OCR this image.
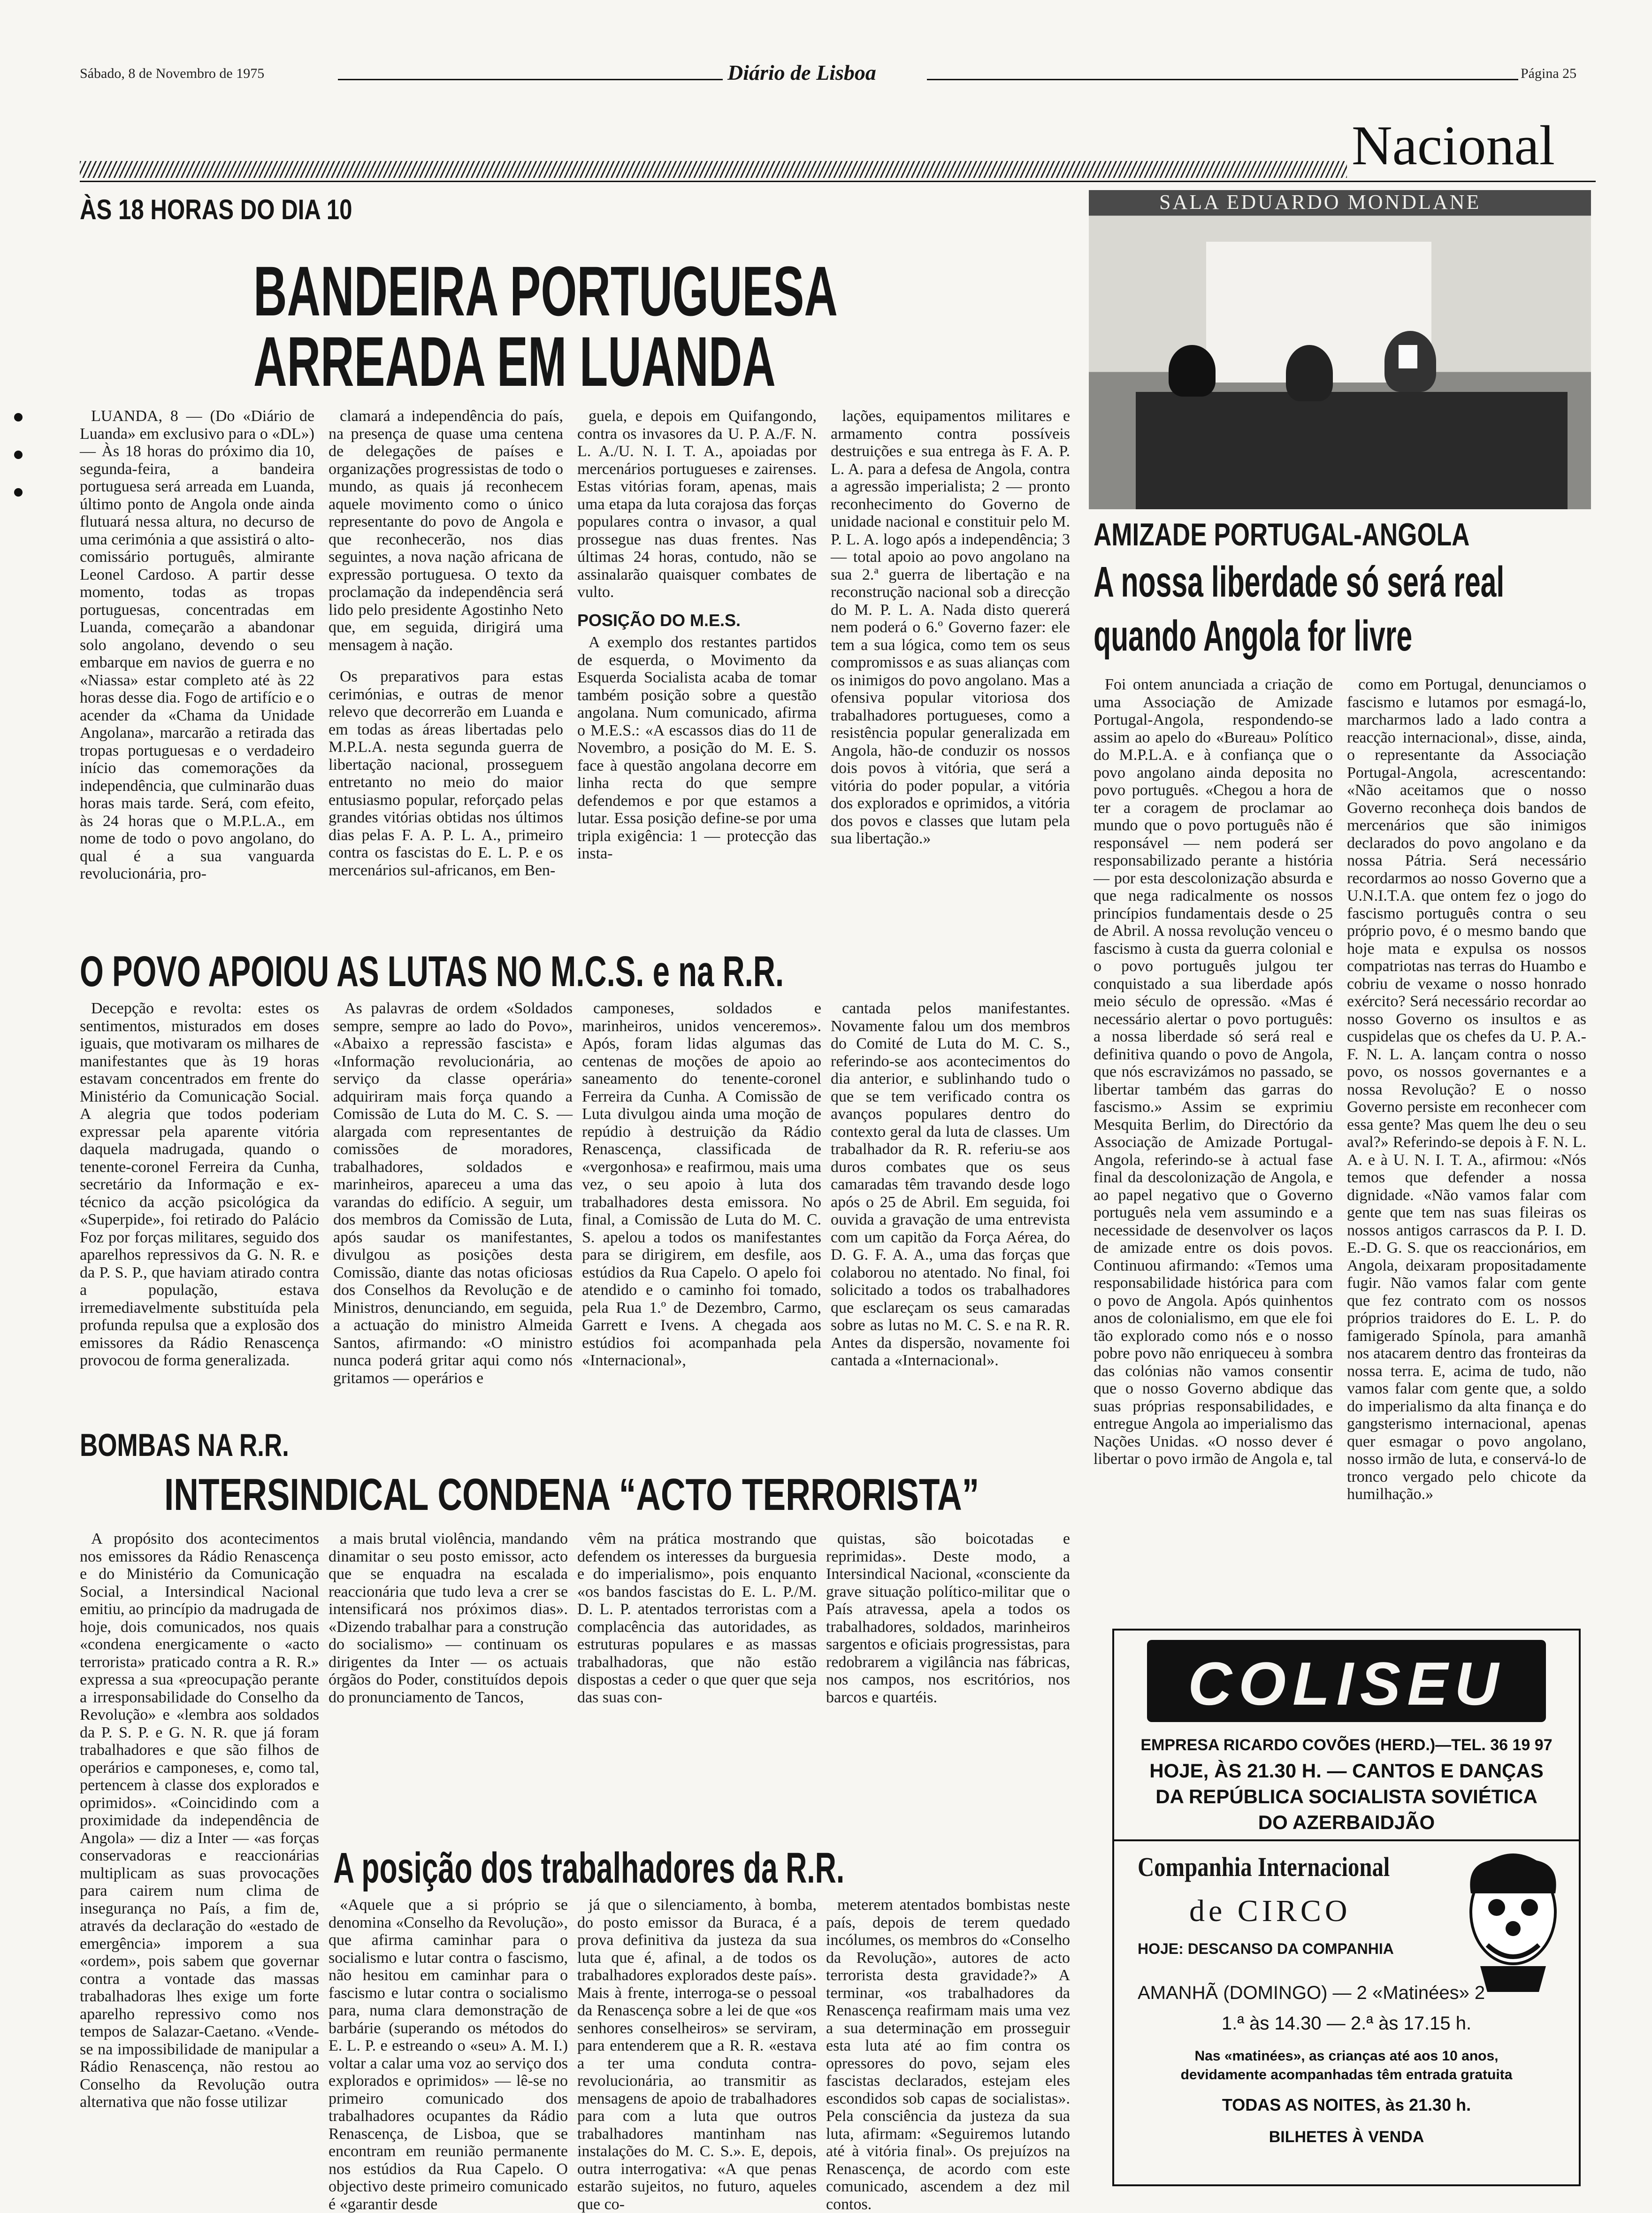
Sábado, 8 de Novembro de 1975	Diário de Lisboa	Página 25
Nacional
ÀS 18 HORAS DO DIA 10
BANDEIRA PORTUGUESA
ARREADA EM LUANDA

LUANDA, 8 — (Do «Diário de Luanda» em exclusivo para o «DL») — Às 18 horas do próximo dia 10, segunda-feira, a bandeira portuguesa será arreada em Luanda, último ponto de Angola onde ainda flutuará nessa altura, no decurso de uma cerimónia a que assistirá o alto-comissário português, almirante Leonel Cardoso. A partir desse momento, todas as tropas portuguesas, concentradas em Luanda, começarão a abandonar solo angolano, devendo o seu embarque em navios de guerra e no «Niassa» estar completo até às 22 horas desse dia. Fogo de artifício e o acender da «Chama da Unidade Angolana», marcarão a retirada das tropas portuguesas e o verdadeiro início das comemorações da independência, que culminarão duas horas mais tarde. Será, com efeito, às 24 horas que o M.P.L.A., em nome de todo o povo angolano, do qual é a sua vanguarda revolucionária, pro-

clamará a independência do país, na presença de quase uma centena de delegações de países e organizações progressistas de todo o mundo, as quais já reconhecem aquele movimento como o único representante do povo de Angola e que reconhecerão, nos dias seguintes, a nova nação africana de expressão portuguesa. O texto da proclamação da independência será lido pelo presidente Agostinho Neto que, em seguida, dirigirá uma mensagem à nação.

Os preparativos para estas cerimónias, e outras de menor relevo que decorrerão em Luanda e em todas as áreas libertadas pelo M.P.L.A. nesta segunda guerra de libertação nacional, prosseguem entretanto no meio do maior entusiasmo popular, reforçado pelas grandes vitórias obtidas nos últimos dias pelas F. A. P. L. A., primeiro contra os fascistas do E. L. P. e os mercenários sul-africanos, em Ben-

guela, e depois em Quifangondo, contra os invasores da U. P. A./F. N. L. A./U. N. I. T. A., apoiadas por mercenários portugueses e zairenses. Estas vitórias foram, apenas, mais uma etapa da luta corajosa das forças populares contra o invasor, a qual prossegue nas duas frentes. Nas últimas 24 horas, contudo, não se assinalarão quaisquer combates de vulto.

POSIÇÃO DO M.E.S.

A exemplo dos restantes partidos de esquerda, o Movimento da Esquerda Socialista acaba de tomar também posição sobre a questão angolana. Num comunicado, afirma o M.E.S.: «A escassos dias do 11 de Novembro, a posição do M. E. S. face à questão angolana decorre em linha recta do que sempre defendemos e por que estamos a lutar. Essa posição define-se por uma tripla exigência: 1 — protecção das insta-

lações, equipamentos militares e armamento contra possíveis destruições e sua entrega às F. A. P. L. A. para a defesa de Angola, contra a agressão imperialista; 2 — pronto reconhecimento do Governo de unidade nacional e constituir pelo M. P. L. A. logo após a independência; 3 — total apoio ao povo angolano na sua 2.ª guerra de libertação e na reconstrução nacional sob a direcção do M. P. L. A. Nada disto quererá nem poderá o 6.º Governo fazer: ele tem a sua lógica, como tem os seus compromissos e as suas alianças com os inimigos do povo angolano. Mas a ofensiva popular vitoriosa dos trabalhadores portugueses, como a resistência popular generalizada em Angola, hão-de conduzir os nossos dois povos à vitória, que será a vitória do poder popular, a vitória dos explorados e oprimidos, a vitória dos povos e classes que lutam pela sua libertação.»

SALA EDUARDO MONDLANE
AMIZADE PORTUGAL-ANGOLA
A nossa liberdade só será real
quando Angola for livre

Foi ontem anunciada a criação de uma Associação de Amizade Portugal-Angola, respondendo-se assim ao apelo do «Bureau» Político do M.P.L.A. e à confiança que o povo angolano ainda deposita no povo português. «Chegou a hora de ter a coragem de proclamar ao mundo que o povo português não é responsável — nem poderá ser responsabilizado perante a história — por esta descolonização absurda e que nega radicalmente os nossos princípios fundamentais desde o 25 de Abril. A nossa revolução venceu o fascismo à custa da guerra colonial e o povo português julgou ter conquistado a sua liberdade após meio século de opressão. «Mas é necessário alertar o povo português: a nossa liberdade só será real e definitiva quando o povo de Angola, que nós escravizámos no passado, se libertar também das garras do fascismo.» Assim se exprimiu Mesquita Berlim, do Directório da Associação de Amizade Portugal-Angola, referindo-se à actual fase final da descolonização de Angola, e ao papel negativo que o Governo português nela vem assumindo e a necessidade de desenvolver os laços de amizade entre os dois povos. Continuou afirmando: «Temos uma responsabilidade histórica para com o povo de Angola. Após quinhentos anos de colonialismo, em que ele foi tão explorado como nós e o nosso pobre povo não enriqueceu à sombra das colónias não vamos consentir que o nosso Governo abdique das suas próprias responsabilidades, e entregue Angola ao imperialismo das Nações Unidas. «O nosso dever é libertar o povo irmão de Angola e, tal

como em Portugal, denunciamos o fascismo e lutamos por esmagá-lo, marcharmos lado a lado contra a reacção internacional», disse, ainda, o representante da Associação Portugal-Angola, acrescentando: «Não aceitamos que o nosso Governo reconheça dois bandos de mercenários que são inimigos declarados do povo angolano e da nossa Pátria. Será necessário recordarmos ao nosso Governo que a U.N.I.T.A. que ontem fez o jogo do fascismo português contra o seu próprio povo, é o mesmo bando que hoje mata e expulsa os nossos compatriotas nas terras do Huambo e cobriu de vexame o nosso honrado exército? Será necessário recordar ao nosso Governo os insultos e as cuspidelas que os chefes da U. P. A.-F. N. L. A. lançam contra o nosso povo, os nossos governantes e a nossa Revolução? E o nosso Governo persiste em reconhecer com essa gente? Mas quem lhe deu o seu aval?» Referindo-se depois à F. N. L. A. e à U. N. I. T. A., afirmou: «Nós temos que defender a nossa dignidade. «Não vamos falar com gente que tem nas suas fileiras os nossos antigos carrascos da P. I. D. E.-D. G. S. que os reaccionários, em Angola, deixaram propositadamente fugir. Não vamos falar com gente que fez contrato com os nossos próprios traidores do E. L. P. do famigerado Spínola, para amanhã nos atacarem dentro das fronteiras da nossa terra. E, acima de tudo, não vamos falar com gente que, a soldo do imperialismo da alta finança e do gangsterismo internacional, apenas quer esmagar o povo angolano, nosso irmão de luta, e conservá-lo de tronco vergado pelo chicote da humilhação.»

O POVO APOIOU AS LUTAS NO M.C.S. e na R.R.

Decepção e revolta: estes os sentimentos, misturados em doses iguais, que motivaram os milhares de manifestantes que às 19 horas estavam concentrados em frente do Ministério da Comunicação Social. A alegria que todos poderiam expressar pela aparente vitória daquela madrugada, quando o tenente-coronel Ferreira da Cunha, secretário da Informação e ex-técnico da acção psicológica da «Superpide», foi retirado do Palácio Foz por forças militares, seguido dos aparelhos repressivos da G. N. R. e da P. S. P., que haviam atirado contra a população, estava irremediavelmente substituída pela profunda repulsa que a explosão dos emissores da Rádio Renascença provocou de forma generalizada.

As palavras de ordem «Soldados sempre, sempre ao lado do Povo», «Abaixo a repressão fascista» e «Informação revolucionária, ao serviço da classe operária» adquiriram mais força quando a Comissão de Luta do M. C. S. — alargada com representantes de comissões de moradores, trabalhadores, soldados e marinheiros, apareceu a uma das varandas do edifício. A seguir, um dos membros da Comissão de Luta, após saudar os manifestantes, divulgou as posições desta Comissão, diante das notas oficiosas dos Conselhos da Revolução e de Ministros, denunciando, em seguida, a actuação do ministro Almeida Santos, afirmando: «O ministro nunca poderá gritar aqui como nós gritamos — operários e

camponeses, soldados e marinheiros, unidos venceremos». Após, foram lidas algumas das centenas de moções de apoio ao saneamento do tenente-coronel Ferreira da Cunha. A Comissão de Luta divulgou ainda uma moção de repúdio à destruição da Rádio Renascença, classificada de «vergonhosa» e reafirmou, mais uma vez, o seu apoio à luta dos trabalhadores desta emissora. No final, a Comissão de Luta do M. C. S. apelou a todos os manifestantes para se dirigirem, em desfile, aos estúdios da Rua Capelo. O apelo foi atendido e o caminho foi tomado, pela Rua 1.º de Dezembro, Carmo, Garrett e Ivens. A chegada aos estúdios foi acompanhada pela «Internacional»,

cantada pelos manifestantes. Novamente falou um dos membros do Comité de Luta do M. C. S., referindo-se aos acontecimentos do dia anterior, e sublinhando tudo o que se tem verificado contra os avanços populares dentro do contexto geral da luta de classes. Um trabalhador da R. R. referiu-se aos duros combates que os seus camaradas têm travando desde logo após o 25 de Abril. Em seguida, foi ouvida a gravação de uma entrevista com um capitão da Força Aérea, do D. G. F. A. A., uma das forças que colaborou no atentado. No final, foi solicitado a todos os trabalhadores que esclareçam os seus camaradas sobre as lutas no M. C. S. e na R. R. Antes da dispersão, novamente foi cantada a «Internacional».

BOMBAS NA R.R.
INTERSINDICAL CONDENA “ACTO TERRORISTA”

A propósito dos acontecimentos nos emissores da Rádio Renascença e do Ministério da Comunicação Social, a Intersindical Nacional emitiu, ao princípio da madrugada de hoje, dois comunicados, nos quais «condena energicamente o «acto terrorista» praticado contra a R. R.» expressa a sua «preocupação perante a irresponsabilidade do Conselho da Revolução» e «lembra aos soldados da P. S. P. e G. N. R. que já foram trabalhadores e que são filhos de operários e camponeses, e, como tal, pertencem à classe dos explorados e oprimidos». «Coincidindo com a proximidade da independência de Angola» — diz a Inter — «as forças conservadoras e reaccionárias multiplicam as suas provocações para cairem num clima de insegurança no País, a fim de, através da declaração do «estado de emergência» imporem a sua «ordem», pois sabem que governar contra a vontade das massas trabalhadoras lhes exige um forte aparelho repressivo como nos tempos de Salazar-Caetano. «Vende-se na impossibilidade de manipular a Rádio Renascença, não restou ao Conselho da Revolução outra alternativa que não fosse utilizar

a mais brutal violência, mandando dinamitar o seu posto emissor, acto que se enquadra na escalada reaccionária que tudo leva a crer se intensificará nos próximos dias». «Dizendo trabalhar para a construção do socialismo» — continuam os dirigentes da Inter — os actuais órgãos do Poder, constituídos depois do pronunciamento de Tancos,

vêm na prática mostrando que defendem os interesses da burguesia e do imperialismo», pois enquanto «os bandos fascistas do E. L. P./M. D. L. P. atentados terroristas com a complacência das autoridades, as estruturas populares e as massas trabalhadoras, que não estão dispostas a ceder o que quer que seja das suas con-

quistas, são boicotadas e reprimidas». Deste modo, a Intersindical Nacional, «consciente da grave situação político-militar que o País atravessa, apela a todos os trabalhadores, soldados, marinheiros sargentos e oficiais progressistas, para redobrarem a vigilância nas fábricas, nos campos, nos escritórios, nos barcos e quartéis.

A posição dos trabalhadores da R.R.

«Aquele que a si próprio se denomina «Conselho da Revolução», que afirma caminhar para o socialismo e lutar contra o fascismo, não hesitou em caminhar para o fascismo e lutar contra o socialismo para, numa clara demonstração de barbárie (superando os métodos do E. L. P. e estreando o «seu» A. M. I.) voltar a calar uma voz ao serviço dos explorados e oprimidos» — lê-se no primeiro comunicado dos trabalhadores ocupantes da Rádio Renascença, de Lisboa, que se encontram em reunião permanente nos estúdios da Rua Capelo. O objectivo deste primeiro comunicado é «garantir desde

já que o silenciamento, à bomba, do posto emissor da Buraca, é a prova definitiva da justeza da sua luta que é, afinal, a de todos os trabalhadores explorados deste país». Mais à frente, interroga-se o pessoal da Renascença sobre a lei de que «os senhores conselheiros» se serviram, para entenderem que a R. R. «estava a ter uma conduta contra-revolucionária, ao transmitir as mensagens de apoio de trabalhadores para com a luta que outros trabalhadores mantinham nas instalações do M. C. S.». E, depois, outra interrogativa: «A que penas estarão sujeitos, no futuro, aqueles que co-

meterem atentados bombistas neste país, depois de terem quedado incólumes, os membros do «Conselho da Revolução», autores de acto terrorista desta gravidade?» A terminar, «os trabalhadores da Renascença reafirmam mais uma vez a sua determinação em prosseguir esta luta até ao fim contra os opressores do povo, sejam eles fascistas declarados, estejam eles escondidos sob capas de socialistas». Pela consciência da justeza da sua luta, afirmam: «Seguiremos lutando até à vitória final». Os prejuízos na Renascença, de acordo com este comunicado, ascendem a dez mil contos.

COLISEU
EMPRESA RICARDO COVÕES (HERD.)—TEL. 36 19 97
HOJE, ÀS 21.30 H. — CANTOS E DANÇAS
DA REPÚBLICA SOCIALISTA SOVIÉTICA
DO AZERBAIDJÃO
Companhia Internacional
de CIRCO
HOJE: DESCANSO DA COMPANHIA
AMANHÃ (DOMINGO) — 2 «Matinées» 2
1.ª às 14.30 — 2.ª às 17.15 h.
Nas «matinées», as crianças até aos 10 anos,
devidamente acompanhadas têm entrada gratuita
TODAS AS NOITES, às 21.30 h.
BILHETES À VENDA
